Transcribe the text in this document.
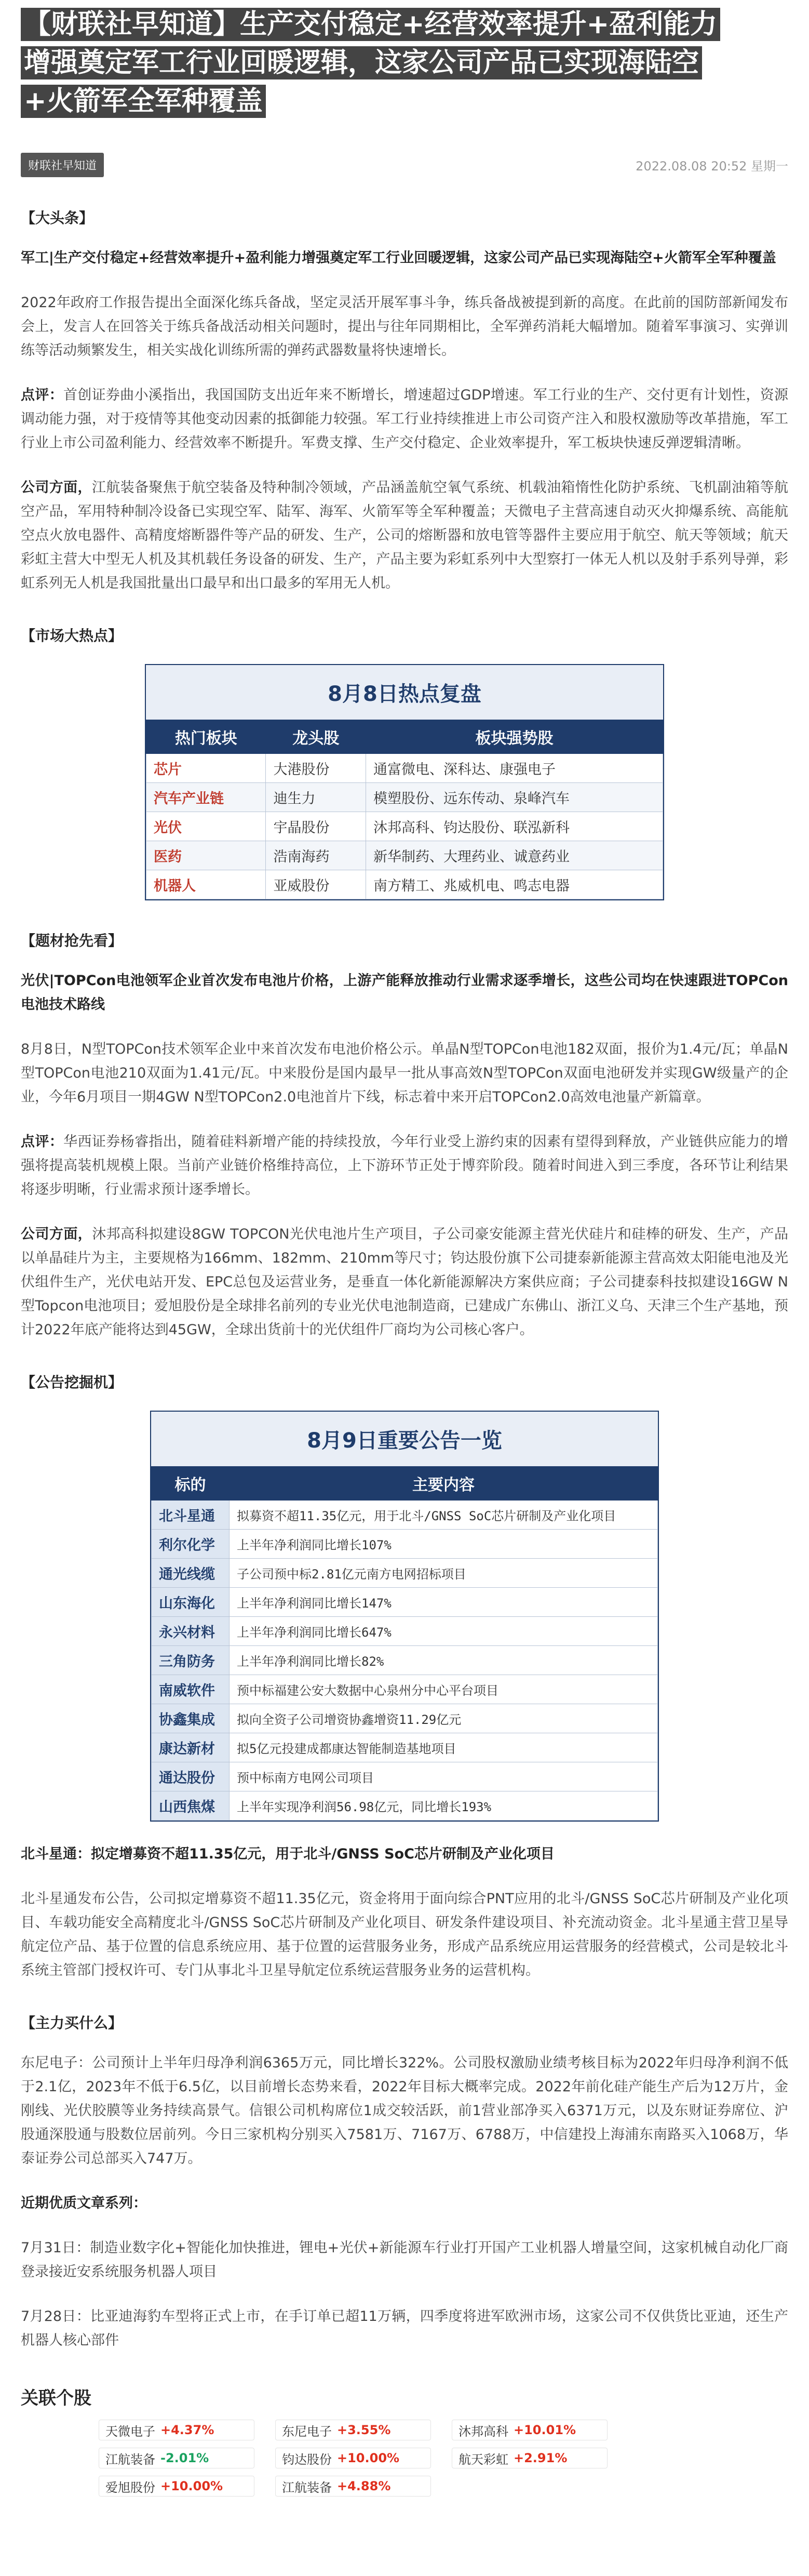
【财联社早知道】生产交付稳定+经营效率提升+盈利能力
增强奠定军工行业回暖逻辑，这家公司产品已实现海陆空
+火箭军全军种覆盖
财联社早知道	2022.08.08 20:52 星期一
【大头条】

军工|生产交付稳定+经营效率提升+盈利能力增强奠定军工行业回暖逻辑，这家公司产品已实现海陆空+火箭军全军种覆盖

2022年政府工作报告提出全面深化练兵备战，坚定灵活开展军事斗争，练兵备战被提到新的高度。在此前的国防部新闻发布会上，发言人在回答关于练兵备战活动相关问题时，提出与往年同期相比，全军弹药消耗大幅增加。随着军事演习、实弹训练等活动频繁发生，相关实战化训练所需的弹药武器数量将快速增长。

点评：首创证券曲小溪指出，我国国防支出近年来不断增长，增速超过GDP增速。军工行业的生产、交付更有计划性，资源调动能力强，对于疫情等其他变动因素的抵御能力较强。军工行业持续推进上市公司资产注入和股权激励等改革措施，军工行业上市公司盈利能力、经营效率不断提升。军费支撑、生产交付稳定、企业效率提升，军工板块快速反弹逻辑清晰。

公司方面，江航装备聚焦于航空装备及特种制冷领域，产品涵盖航空氧气系统、机载油箱惰性化防护系统、飞机副油箱等航空产品，军用特种制冷设备已实现空军、陆军、海军、火箭军等全军种覆盖；天微电子主营高速自动灭火抑爆系统、高能航空点火放电器件、高精度熔断器件等产品的研发、生产，公司的熔断器和放电管等器件主要应用于航空、航天等领域；航天彩虹主营大中型无人机及其机载任务设备的研发、生产，产品主要为彩虹系列中大型察打一体无人机以及射手系列导弹，彩虹系列无人机是我国批量出口最早和出口最多的军用无人机。

【市场大热点】
8月8日热点复盘
热门板块	龙头股	板块强势股
芯片	大港股份	通富微电、深科达、康强电子
汽车产业链	迪生力	模塑股份、远东传动、泉峰汽车
光伏	宇晶股份	沐邦高科、钧达股份、联泓新科
医药	浩南海药	新华制药、大理药业、诚意药业
机器人	亚威股份	南方精工、兆威机电、鸣志电器
【题材抢先看】

光伏|TOPCon电池领军企业首次发布电池片价格，上游产能释放推动行业需求逐季增长，这些公司均在快速跟进TOPCon电池技术路线

8月8日，N型TOPCon技术领军企业中来首次发布电池价格公示。单晶N型TOPCon电池182双面，报价为1.4元/瓦；单晶N型TOPCon电池210双面为1.41元/瓦。中来股份是国内最早一批从事高效N型TOPCon双面电池研发并实现GW级量产的企业，今年6月项目一期4GW N型TOPCon2.0电池首片下线，标志着中来开启TOPCon2.0高效电池量产新篇章。

点评：华西证券杨睿指出，随着硅料新增产能的持续投放，今年行业受上游约束的因素有望得到释放，产业链供应能力的增强将提高装机规模上限。当前产业链价格维持高位，上下游环节正处于博弈阶段。随着时间进入到三季度，各环节让利结果将逐步明晰，行业需求预计逐季增长。

公司方面，沐邦高科拟建设8GW TOPCON光伏电池片生产项目，子公司豪安能源主营光伏硅片和硅棒的研发、生产，产品以单晶硅片为主，主要规格为166mm、182mm、210mm等尺寸；钧达股份旗下公司捷泰新能源主营高效太阳能电池及光伏组件生产，光伏电站开发、EPC总包及运营业务，是垂直一体化新能源解决方案供应商；子公司捷泰科技拟建设16GW N型Topcon电池项目；爱旭股份是全球排名前列的专业光伏电池制造商，已建成广东佛山、浙江义乌、天津三个生产基地，预计2022年底产能将达到45GW，全球出货前十的光伏组件厂商均为公司核心客户。

【公告挖掘机】
8月9日重要公告一览
标的	主要内容
北斗星通	拟募资不超11.35亿元，用于北斗/GNSS SoC芯片研制及产业化项目
利尔化学	上半年净利润同比增长107%
通光线缆	子公司预中标2.81亿元南方电网招标项目
山东海化	上半年净利润同比增长147%
永兴材料	上半年净利润同比增长647%
三角防务	上半年净利润同比增长82%
南威软件	预中标福建公安大数据中心泉州分中心平台项目
协鑫集成	拟向全资子公司增资协鑫增资11.29亿元
康达新材	拟5亿元投建成都康达智能制造基地项目
通达股份	预中标南方电网公司项目
山西焦煤	上半年实现净利润56.98亿元，同比增长193%

北斗星通：拟定增募资不超11.35亿元，用于北斗/GNSS SoC芯片研制及产业化项目

北斗星通发布公告，公司拟定增募资不超11.35亿元，资金将用于面向综合PNT应用的北斗/GNSS SoC芯片研制及产业化项目、车载功能安全高精度北斗/GNSS SoC芯片研制及产业化项目、研发条件建设项目、补充流动资金。北斗星通主营卫星导航定位产品、基于位置的信息系统应用、基于位置的运营服务业务，形成产品系统应用运营服务的经营模式，公司是较北斗系统主管部门授权许可、专门从事北斗卫星导航定位系统运营服务业务的运营机构。

【主力买什么】

东尼电子：公司预计上半年归母净利润6365万元，同比增长322%。公司股权激励业绩考核目标为2022年归母净利润不低于2.1亿，2023年不低于6.5亿，以目前增长态势来看，2022年目标大概率完成。2022年前化硅产能生产后为12万片，金刚线、光伏胶膜等业务持续高景气。信银公司机构席位1成交较活跃，前1营业部净买入6371万元，以及东财证券席位、沪股通深股通与股数位居前列。今日三家机构分别买入7581万、7167万、6788万，中信建投上海浦东南路买入1068万，华泰证券公司总部买入747万。

近期优质文章系列：

7月31日：制造业数字化+智能化加快推进，锂电+光伏+新能源车行业打开国产工业机器人增量空间，这家机械自动化厂商登录接近安系统服务机器人项目

7月28日：比亚迪海豹车型将正式上市，在手订单已超11万辆，四季度将进军欧洲市场，这家公司不仅供货比亚迪，还生产机器人核心部件

关联个股
天微电子 +4.37%	东尼电子 +3.55%	沐邦高科 +10.01%
江航装备 -2.01%	钧达股份 +10.00%	航天彩虹 +2.91%
爱旭股份 +10.00%	江航装备 +4.88%
